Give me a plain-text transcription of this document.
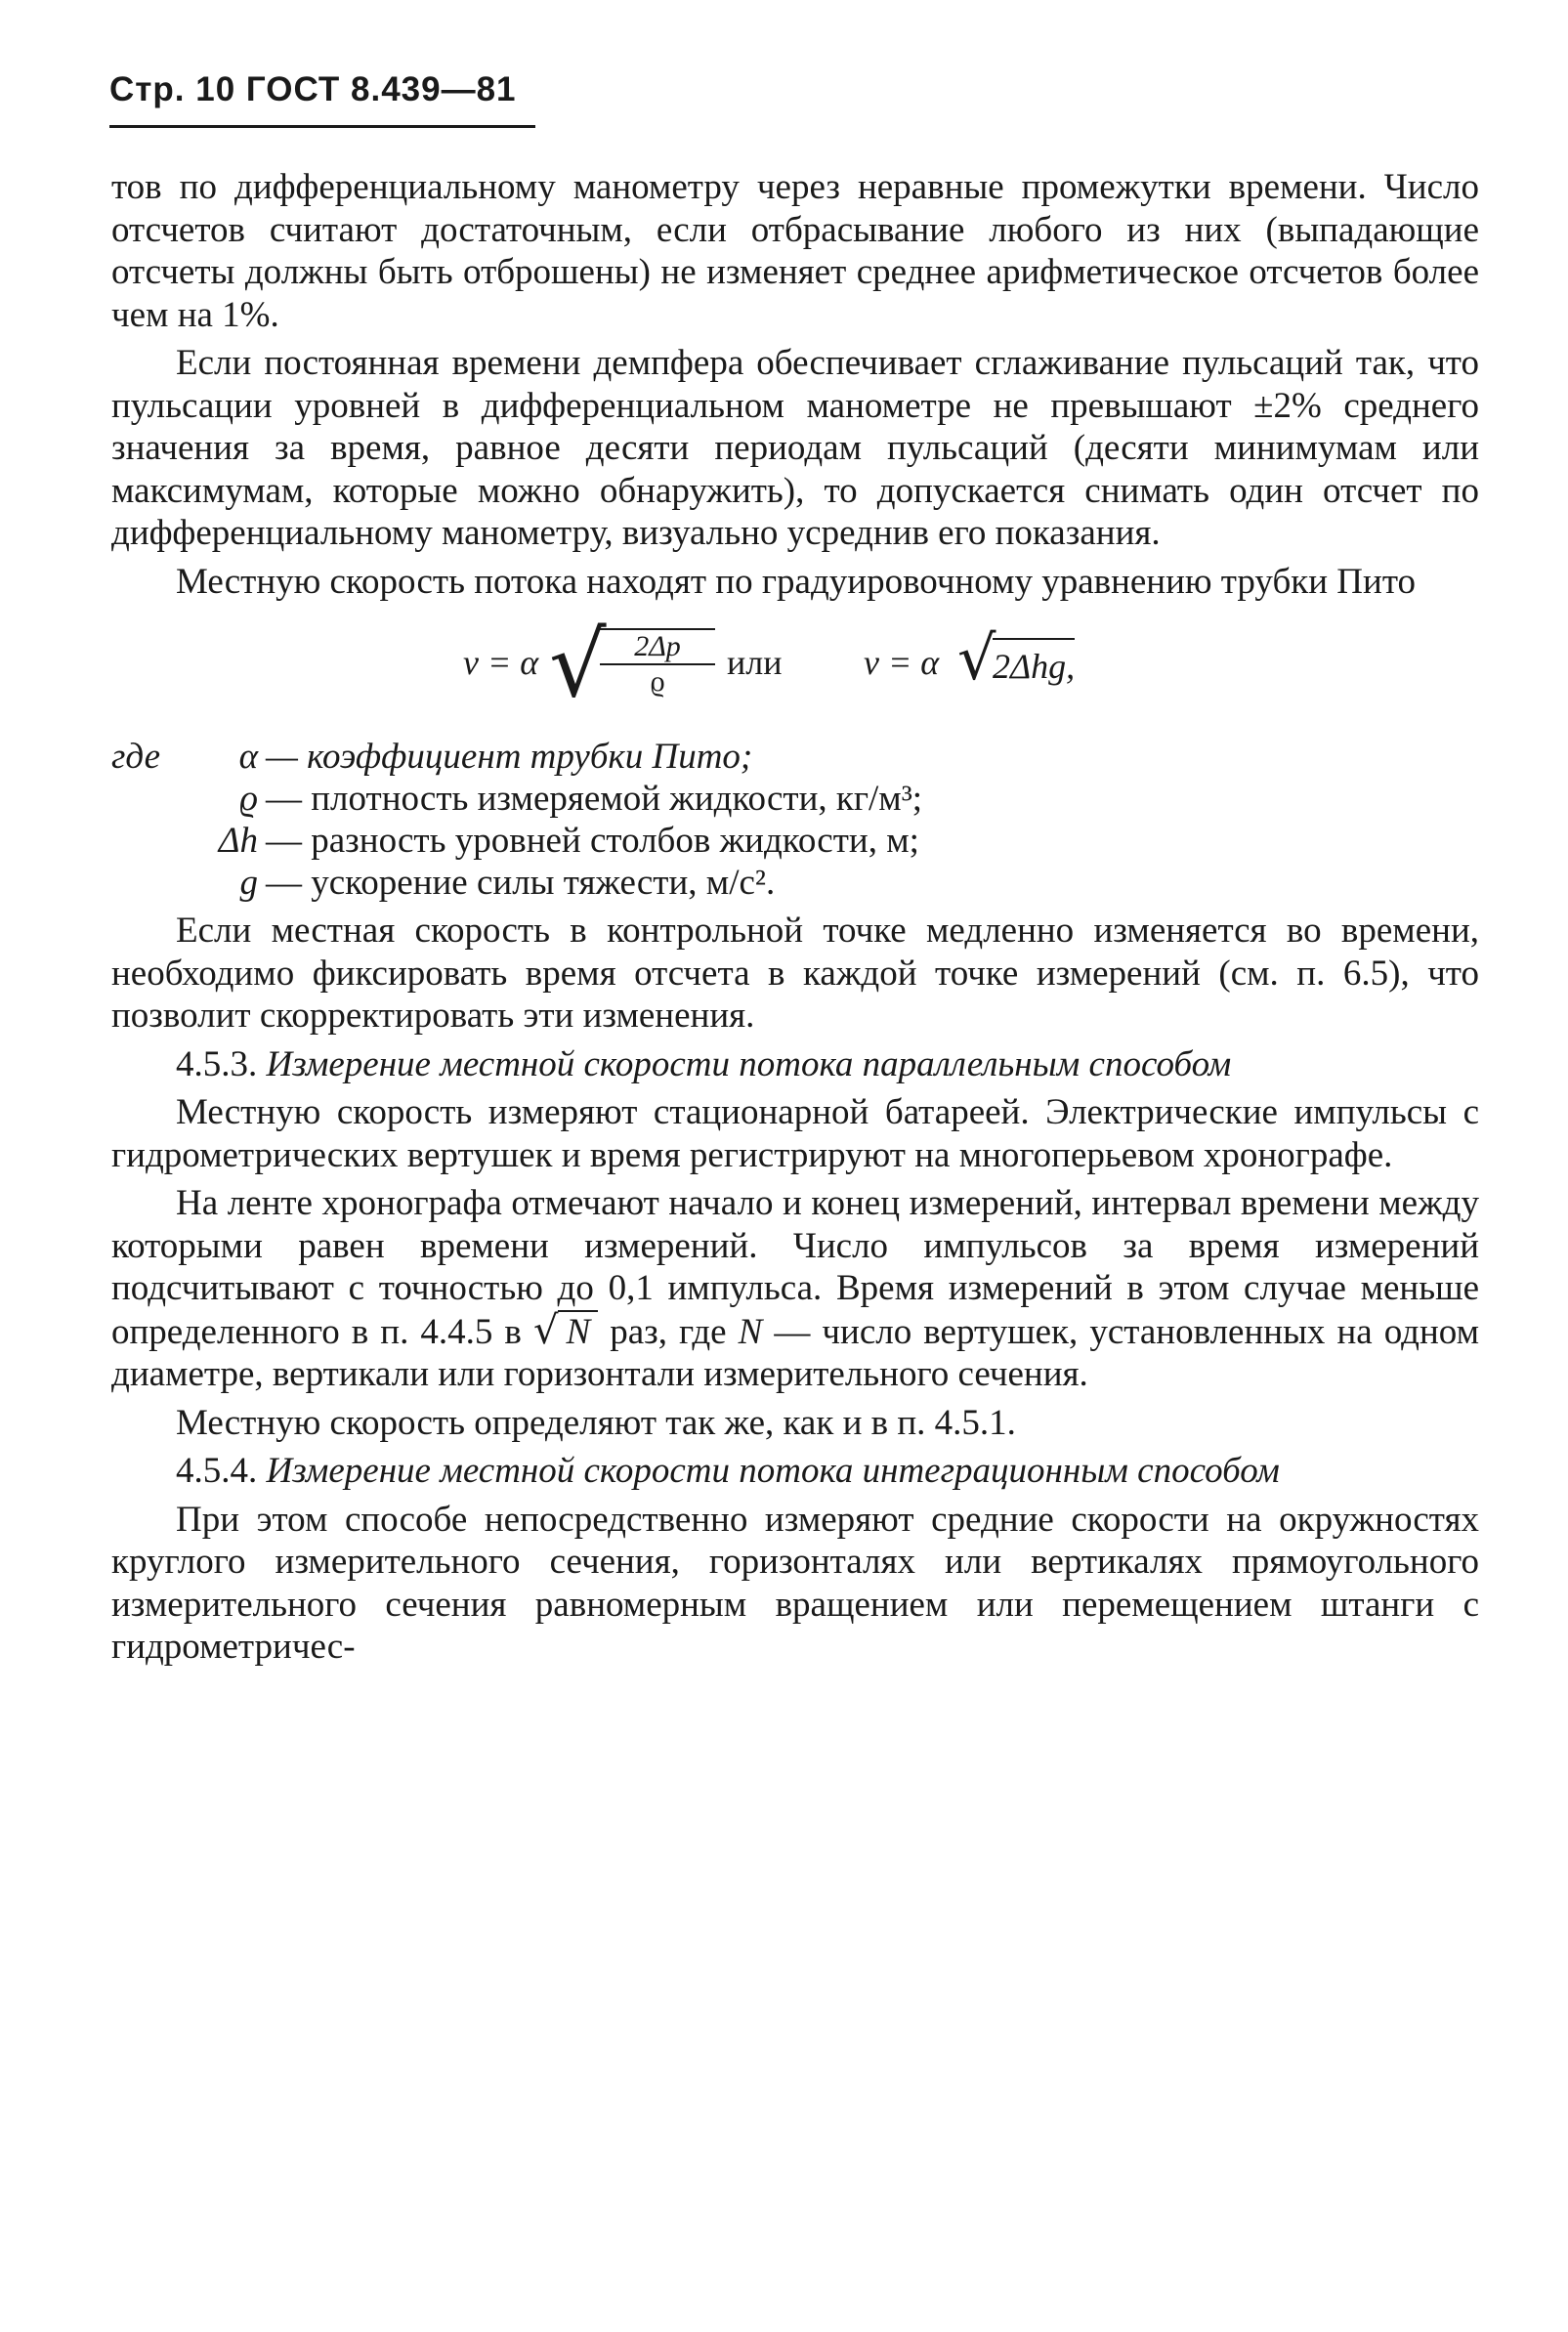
Стр. 10 ГОСТ 8.439—81

тов по дифференциальному манометру через неравные промежутки времени. Число отсчетов считают достаточным, если отбрасывание любого из них (выпадающие отсчеты должны быть отброшены) не изменяет среднее арифметическое отсчетов более чем на 1%.

Если постоянная времени демпфера обеспечивает сглаживание пульсаций так, что пульсации уровней в дифференциальном манометре не превышают ±2% среднего значения за время, равное десяти периодам пульсаций (десяти минимумам или максимумам, которые можно обнаружить), то допускается снимать один отсчет по дифференциальному манометру, визуально усреднив его показания.

Местную скорость потока находят по градуировочному уравнению трубки Пито

v = α √
$\frac{2\Delta p}{ϱ}$ или v = α √
2Δhg,
где	α — коэффициент трубки Пито;
ϱ — плотность измеряемой жидкости, кг/м³;
Δh — разность уровней столбов жидкости, м;
g — ускорение силы тяжести, м/с².

Если местная скорость в контрольной точке медленно изменяется во времени, необходимо фиксировать время отсчета в каждой точке измерений (см. п. 6.5), что позволит скорректировать эти изменения.

4.5.3. Измерение местной скорости потока параллельным способом

Местную скорость измеряют стационарной батареей. Электрические импульсы с гидрометрических вертушек и время регистрируют на многоперьевом хронографе.

На ленте хронографа отмечают начало и конец измерений, интервал времени между которыми равен времени измерений. Число импульсов за время измерений подсчитывают с точностью до 0,1 импульса. Время измерений в этом случае меньше определенного в п. 4.4.5 в √ N раз, где N — число вертушек, установленных на одном диаметре, вертикали или горизонтали измерительного сечения.

Местную скорость определяют так же, как и в п. 4.5.1.

4.5.4. Измерение местной скорости потока интеграционным способом

При этом способе непосредственно измеряют средние скорости на окружностях круглого измерительного сечения, горизонталях или вертикалях прямоугольного измерительного сечения равномерным вращением или перемещением штанги с гидрометричес-
